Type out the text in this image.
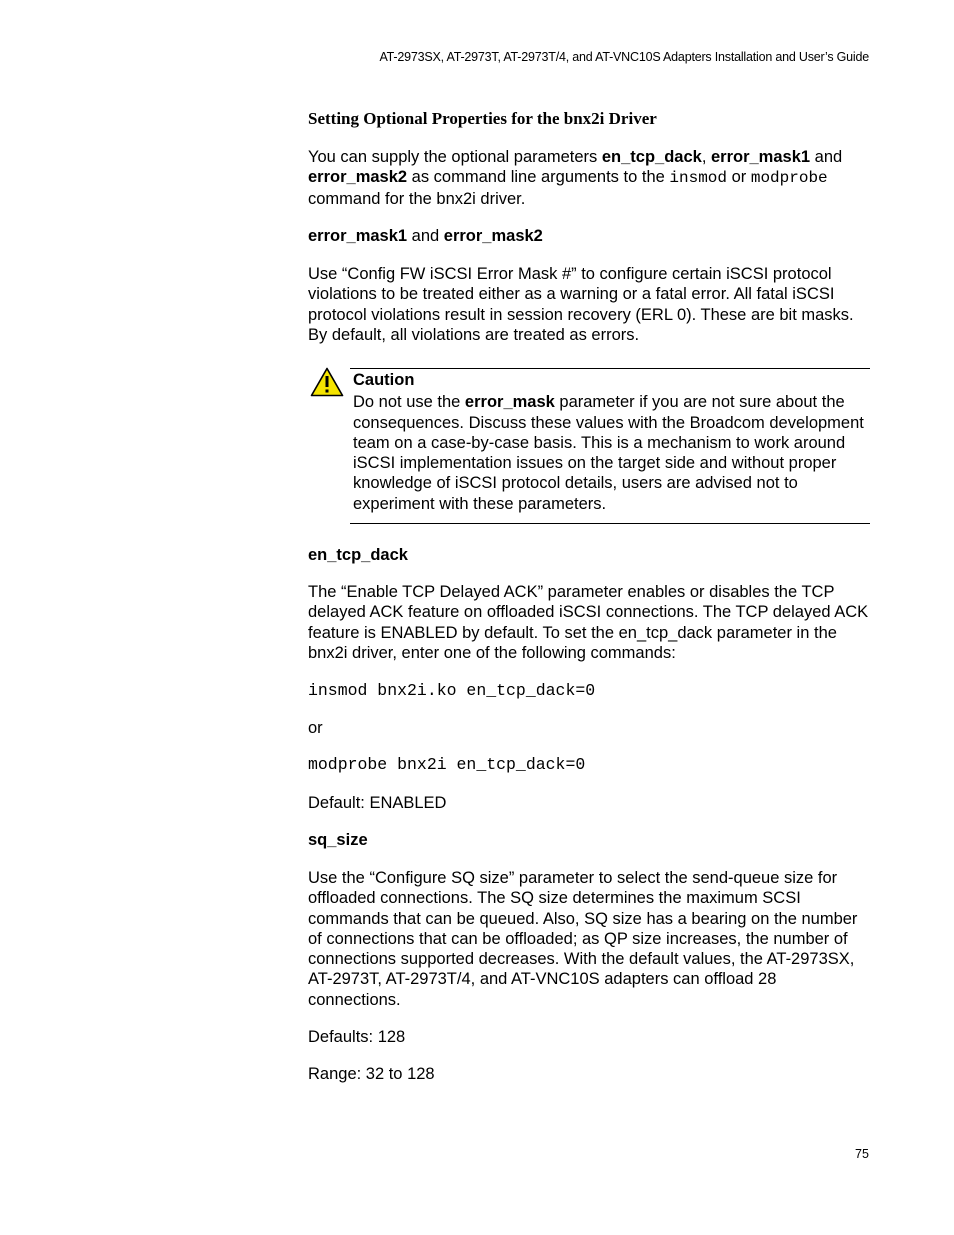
AT-2973SX, AT-2973T, AT-2973T/4, and AT-VNC10S Adapters Installation and User’s Guide
Setting Optional Properties for the bnx2i Driver
You can supply the optional parameters en_tcp_dack, error_mask1 and error_mask2 as command line arguments to the insmod or modprobe command for the bnx2i driver.
error_mask1 and error_mask2
Use “Config FW iSCSI Error Mask #” to configure certain iSCSI protocol violations to be treated either as a warning or a fatal error. All fatal iSCSI protocol violations result in session recovery (ERL 0). These are bit masks. By default, all violations are treated as errors.
Caution
Do not use the error_mask parameter if you are not sure about the consequences. Discuss these values with the Broadcom development team on a case-by-case basis. This is a mechanism to work around iSCSI implementation issues on the target side and without proper knowledge of iSCSI protocol details, users are advised not to experiment with these parameters.
en_tcp_dack
The “Enable TCP Delayed ACK” parameter enables or disables the TCP delayed ACK feature on offloaded iSCSI connections. The TCP delayed ACK feature is ENABLED by default. To set the en_tcp_dack parameter in the bnx2i driver, enter one of the following commands:
insmod bnx2i.ko en_tcp_dack=0
or
modprobe bnx2i en_tcp_dack=0
Default: ENABLED
sq_size
Use the “Configure SQ size” parameter to select the send-queue size for offloaded connections. The SQ size determines the maximum SCSI commands that can be queued. Also, SQ size has a bearing on the number of connections that can be offloaded; as QP size increases, the number of connections supported decreases. With the default values, the AT-2973SX, AT-2973T, AT-2973T/4, and AT-VNC10S adapters can offload 28 connections.
Defaults: 128
Range: 32 to 128
75
